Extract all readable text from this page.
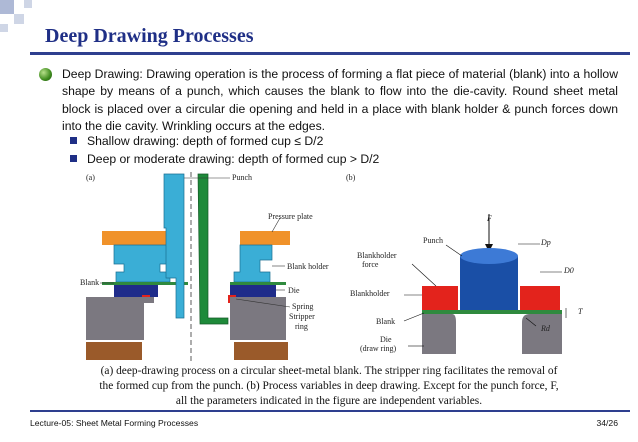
Deep Drawing Processes
Deep Drawing: Drawing operation is the process of forming a flat piece of material (blank) into a hollow shape by means of a punch, which causes the blank to flow into the die-cavity. Round sheet metal block is placed over a circular die opening and held in a place with blank holder & punch forces down into the die cavity. Wrinkling occurs at the edges.
Shallow drawing: depth of formed cup ≤ D/2
Deep or moderate drawing: depth of formed cup > D/2
(a)	Punch
Pressure plate
Blank holder
Blank
Die
Spring
Stripper
ring
(b)
F
Punch
Blankholder
force
Blankholder
Blank
Die
(draw ring)
Dp
D0
T
Rd
(a) deep-drawing process on a circular sheet-metal blank. The stripper ring facilitates the removal of the formed cup from the punch. (b) Process variables in deep drawing. Except for the punch force, F, all the parameters indicated in the figure are independent variables.
Lecture-05: Sheet Metal Forming Processes	34/26
